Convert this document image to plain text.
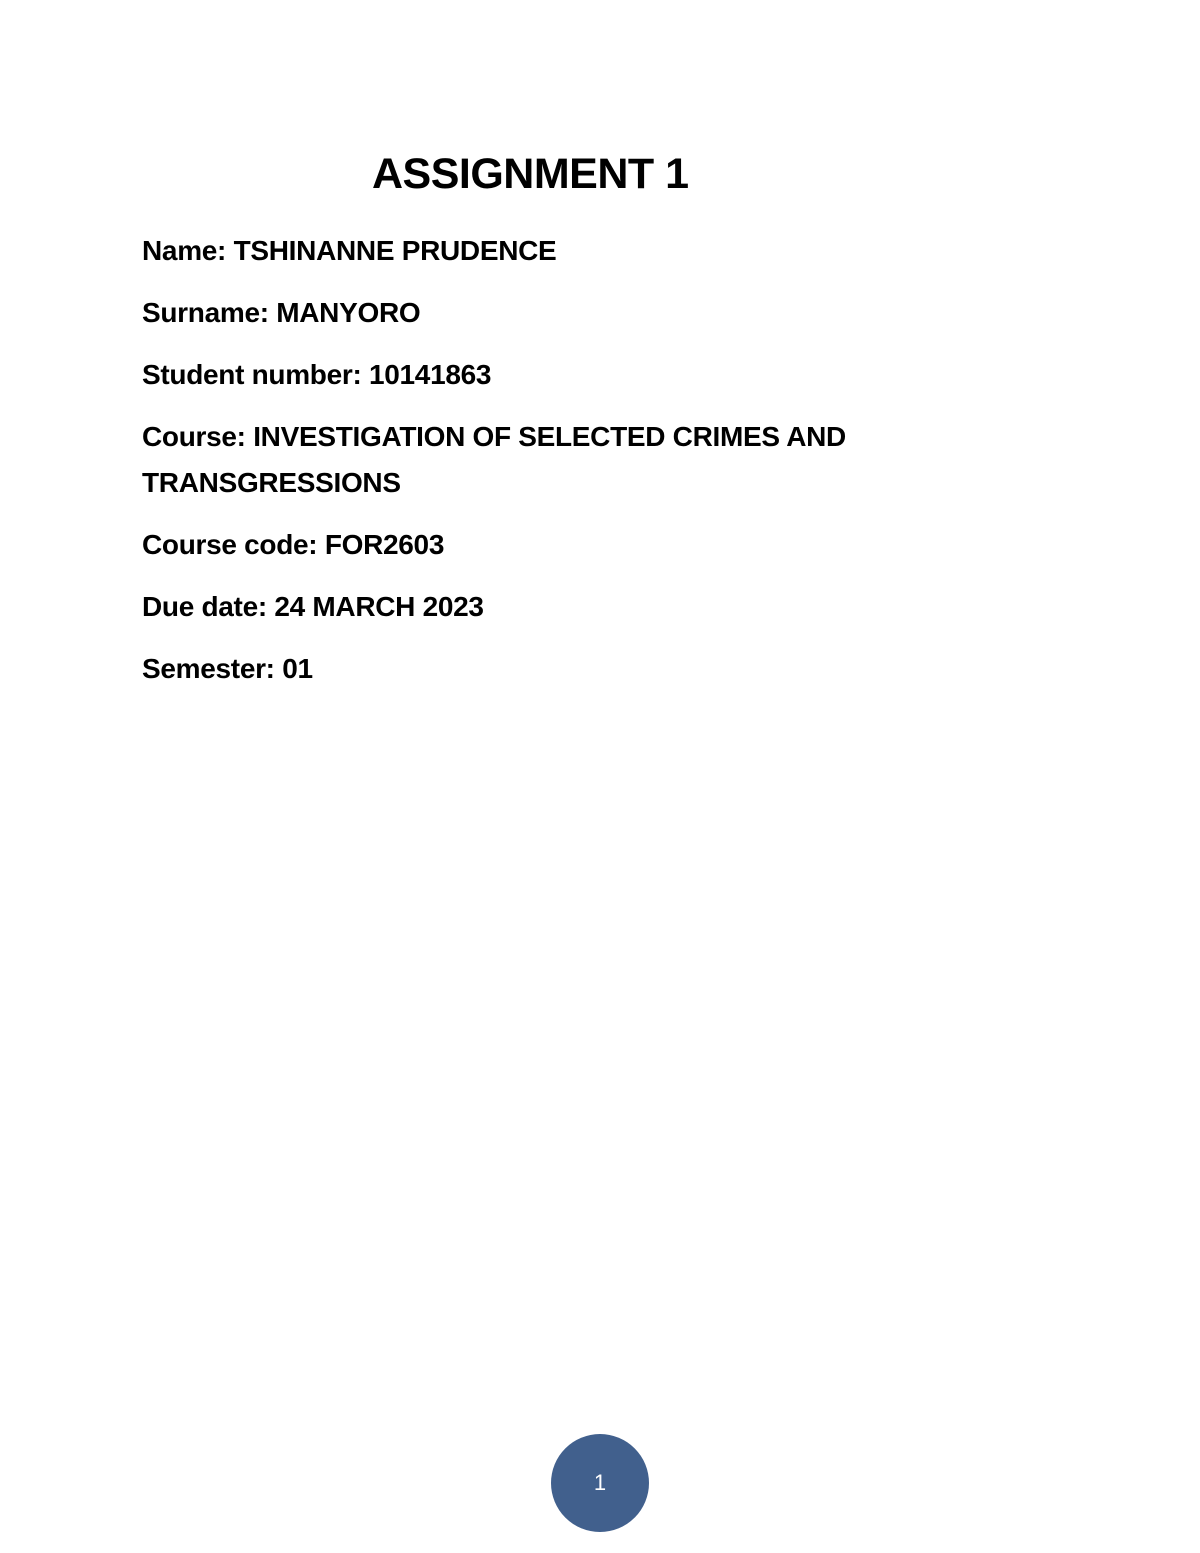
ASSIGNMENT 1

Name: TSHINANNE PRUDENCE

Surname: MANYORO

Student number: 10141863

Course: INVESTIGATION OF SELECTED CRIMES AND TRANSGRESSIONS

Course code: FOR2603

Due date: 24 MARCH 2023

Semester: 01

1
